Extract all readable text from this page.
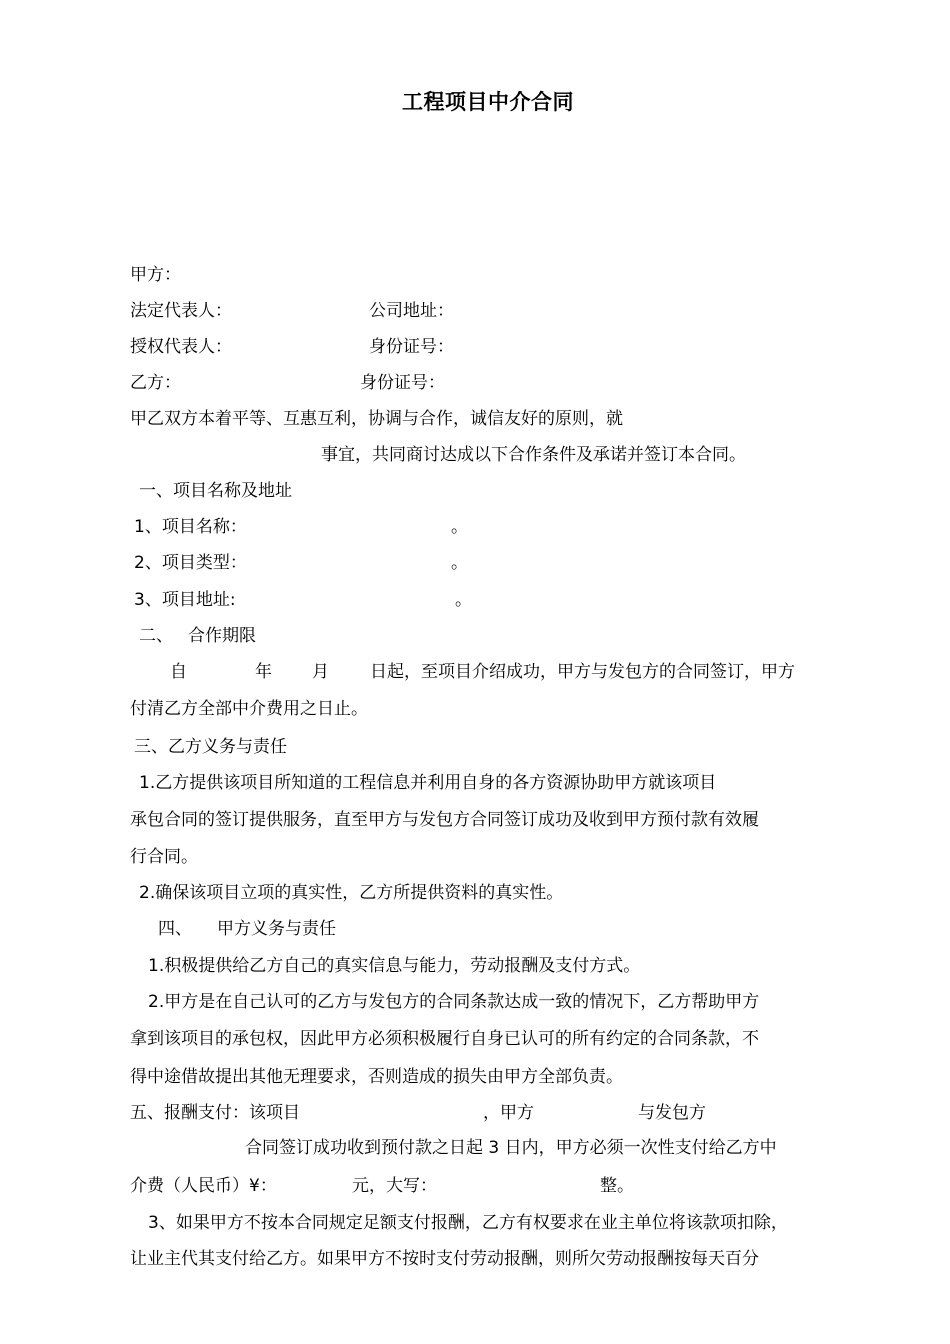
工程项目中介合同
甲方：
法定代表人：	公司地址：
授权代表人：	身份证号：
乙方：	身份证号：
甲乙双方本着平等、互惠互利，协调与合作，诚信友好的原则，就
事宜，共同商讨达成以下合作条件及承诺并签订本合同。
一、项目名称及地址
1、项目名称：	。
2、项目类型：	。
3、项目地址:	。
二、 合作期限
自	年 月 日起，至项目介绍成功，甲方与发包方的合同签订，甲方
付清乙方全部中介费用之日止。
三、乙方义务与责任
1.乙方提供该项目所知道的工程信息并利用自身的各方资源协助甲方就该项目
承包合同的签订提供服务，直至甲方与发包方合同签订成功及收到甲方预付款有效履
行合同。
2.确保该项目立项的真实性，乙方所提供资料的真实性。
四、 甲方义务与责任
1.积极提供给乙方自己的真实信息与能力，劳动报酬及支付方式。
2.甲方是在自己认可的乙方与发包方的合同条款达成一致的情况下，乙方帮助甲方
拿到该项目的承包权，因此甲方必须积极履行自身已认可的所有约定的合同条款，不
得中途借故提出其他无理要求，否则造成的损失由甲方全部负责。
五、报酬支付：该项目	，甲方	与发包方
合同签订成功收到预付款之日起 3 日内，甲方必须一次性支付给乙方中
介费（人民币）¥：	元，大写：	整。
3、如果甲方不按本合同规定足额支付报酬，乙方有权要求在业主单位将该款项扣除，
让业主代其支付给乙方。如果甲方不按时支付劳动报酬，则所欠劳动报酬按每天百分
